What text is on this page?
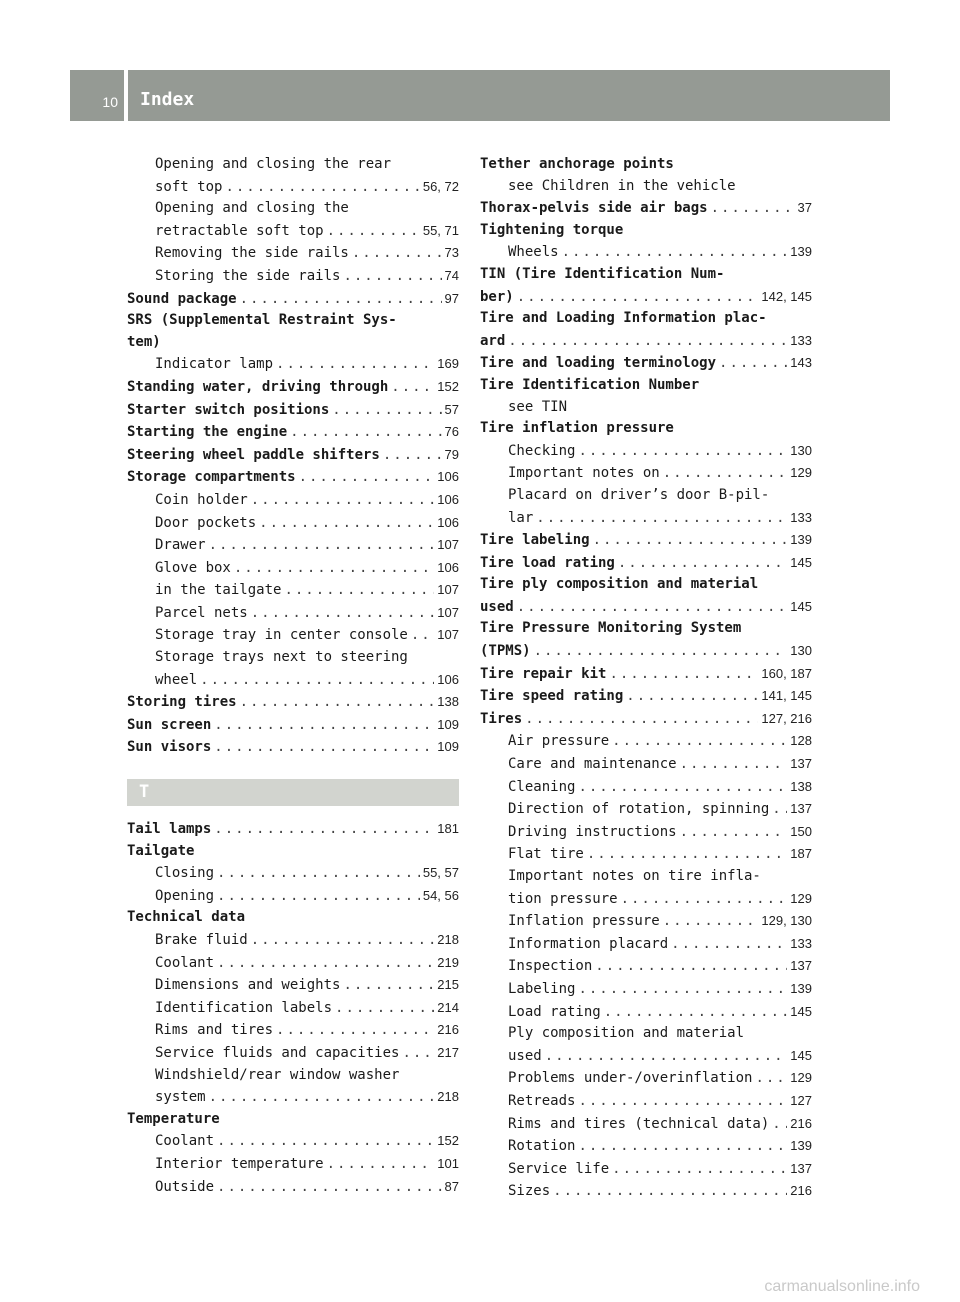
10 Index
Opening and closing the rear
soft top .....	56, 72
Opening and closing the
retractable soft top .....	55, 71
Removing the side rails .....	73
Storing the side rails .....	74
Sound package .....	97
SRS (Supplemental Restraint Sys-
tem)
Indicator lamp .....	169
Standing water, driving through .....	152
Starter switch positions .....	57
Starting the engine .....	76
Steering wheel paddle shifters .....	79
Storage compartments .....	106
Coin holder .....	106
Door pockets .....	106
Drawer .....	107
Glove box .....	106
in the tailgate .....	107
Parcel nets .....	107
Storage tray in center console ..... 107
Storage trays next to steering
wheel .....	106
Storing tires .....	138
Sun screen .....	109
Sun visors .....	109
T
Tail lamps .....	181
Tailgate
Closing .....	55, 57
Opening .....	54, 56
Technical data
Brake fluid .....	218
Coolant .....	219
Dimensions and weights .....	215
Identification labels .....	214
Rims and tires .....	216
Service fluids and capacities .....	217
Windshield/rear window washer
system .....	218
Temperature
Coolant .....	152
Interior temperature .....	101
Outside .....	87
Tether anchorage points
see Children in the vehicle
Thorax-pelvis side air bags .....	37
Tightening torque
Wheels .....	139
TIN (Tire Identification Num-
ber) .....	142, 145
Tire and Loading Information plac-
ard .....	133
Tire and loading terminology .....	143
Tire Identification Number
see TIN
Tire inflation pressure
Checking .....	130
Important notes on .....	129
Placard on driver’s door B-pil-
lar .....	133
Tire labeling .....	139
Tire load rating .....	145
Tire ply composition and material
used .....	145
Tire Pressure Monitoring System
(TPMS) .....	130
Tire repair kit .....	160, 187
Tire speed rating .....	141, 145
Tires .....	127, 216
Air pressure .....	128
Care and maintenance .....	137
Cleaning .....	138
Direction of rotation, spinning ..... 137
Driving instructions .....	150
Flat tire .....	187
Important notes on tire infla-
tion pressure .....	129
Inflation pressure .....	129, 130
Information placard .....	133
Inspection .....	137
Labeling .....	139
Load rating .....	145
Ply composition and material
used .....	145
Problems under-/overinflation .....	129
Retreads .....	127
Rims and tires (technical data) ..... 216
Rotation .....	139
Service life .....	137
Sizes .....	216
carmanualsonline.info
